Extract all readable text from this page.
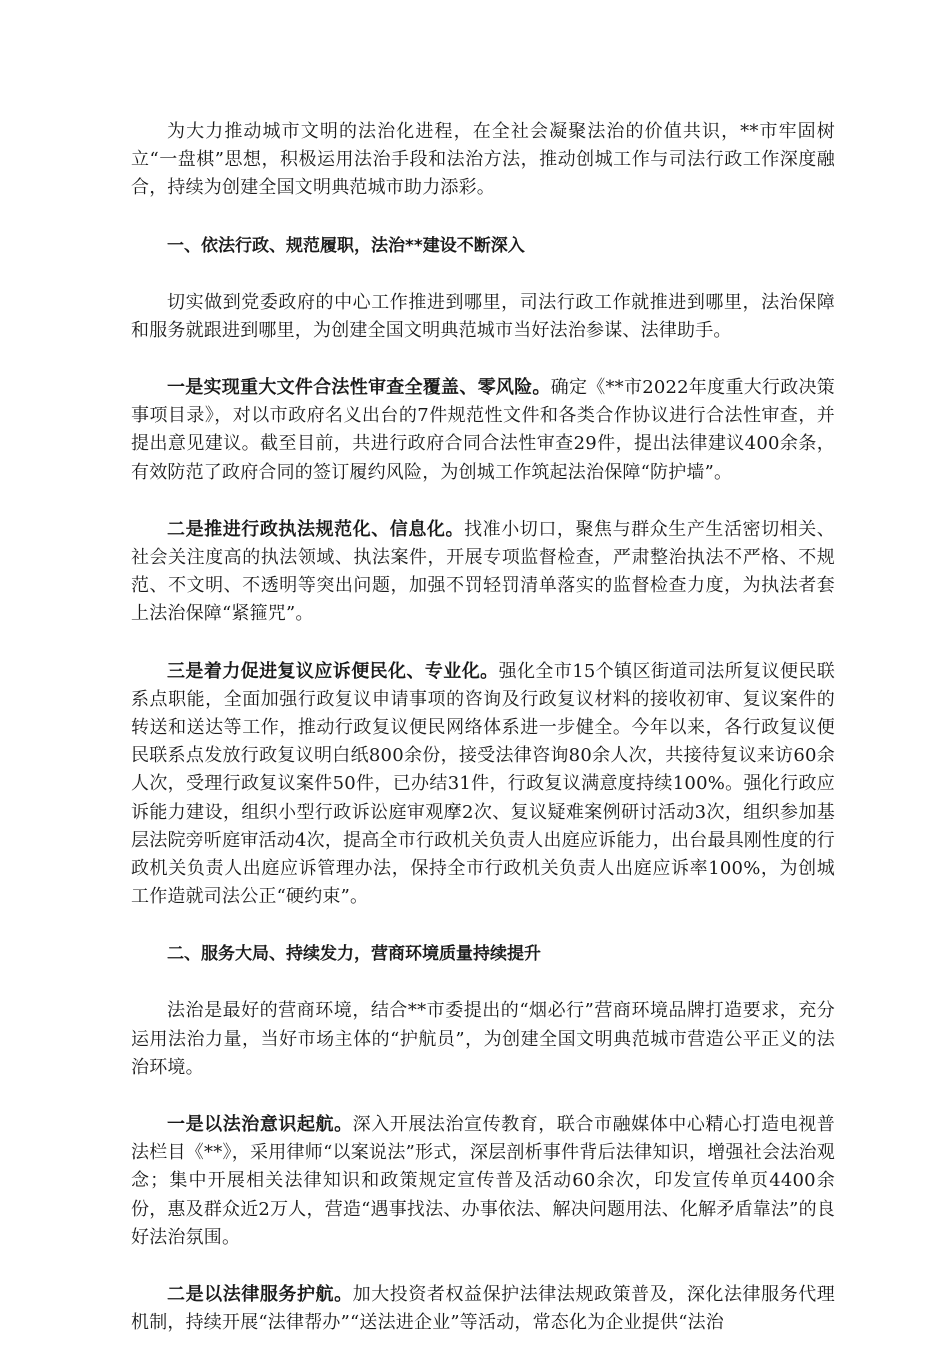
为大力推动城市文明的法治化进程，在全社会凝聚法治的价值共识，**市牢固树立“一盘棋”思想，积极运用法治手段和法治方法，推动创城工作与司法行政工作深度融合，持续为创建全国文明典范城市助力添彩。

一、依法行政、规范履职，法治**建设不断深入

切实做到党委政府的中心工作推进到哪里，司法行政工作就推进到哪里，法治保障和服务就跟进到哪里，为创建全国文明典范城市当好法治参谋、法律助手。

一是实现重大文件合法性审查全覆盖、零风险。确定《**市2022年度重大行政决策事项目录》，对以市政府名义出台的7件规范性文件和各类合作协议进行合法性审查，并提出意见建议。截至目前，共进行政府合同合法性审查29件，提出法律建议400余条，有效防范了政府合同的签订履约风险，为创城工作筑起法治保障“防护墙”。

二是推进行政执法规范化、信息化。找准小切口，聚焦与群众生产生活密切相关、社会关注度高的执法领域、执法案件，开展专项监督检查，严肃整治执法不严格、不规范、不文明、不透明等突出问题，加强不罚轻罚清单落实的监督检查力度，为执法者套上法治保障“紧箍咒”。

三是着力促进复议应诉便民化、专业化。强化全市15个镇区街道司法所复议便民联系点职能，全面加强行政复议申请事项的咨询及行政复议材料的接收初审、复议案件的转送和送达等工作，推动行政复议便民网络体系进一步健全。今年以来，各行政复议便民联系点发放行政复议明白纸800余份，接受法律咨询80余人次，共接待复议来访60余人次，受理行政复议案件50件，已办结31件，行政复议满意度持续100%。强化行政应诉能力建设，组织小型行政诉讼庭审观摩2次、复议疑难案例研讨活动3次，组织参加基层法院旁听庭审活动4次，提高全市行政机关负责人出庭应诉能力，出台最具刚性度的行政机关负责人出庭应诉管理办法，保持全市行政机关负责人出庭应诉率100%，为创城工作造就司法公正“硬约束”。

二、服务大局、持续发力，营商环境质量持续提升

法治是最好的营商环境，结合**市委提出的“烟必行”营商环境品牌打造要求，充分运用法治力量，当好市场主体的“护航员”，为创建全国文明典范城市营造公平正义的法治环境。

一是以法治意识起航。深入开展法治宣传教育，联合市融媒体中心精心打造电视普法栏目《**》，采用律师“以案说法”形式，深层剖析事件背后法律知识，增强社会法治观念；集中开展相关法律知识和政策规定宣传普及活动60余次，印发宣传单页4400余份，惠及群众近2万人，营造“遇事找法、办事依法、解决问题用法、化解矛盾靠法”的良好法治氛围。

二是以法律服务护航。加大投资者权益保护法律法规政策普及，深化法律服务代理机制，持续开展“法律帮办”“送法进企业”等活动，常态化为企业提供“法治
